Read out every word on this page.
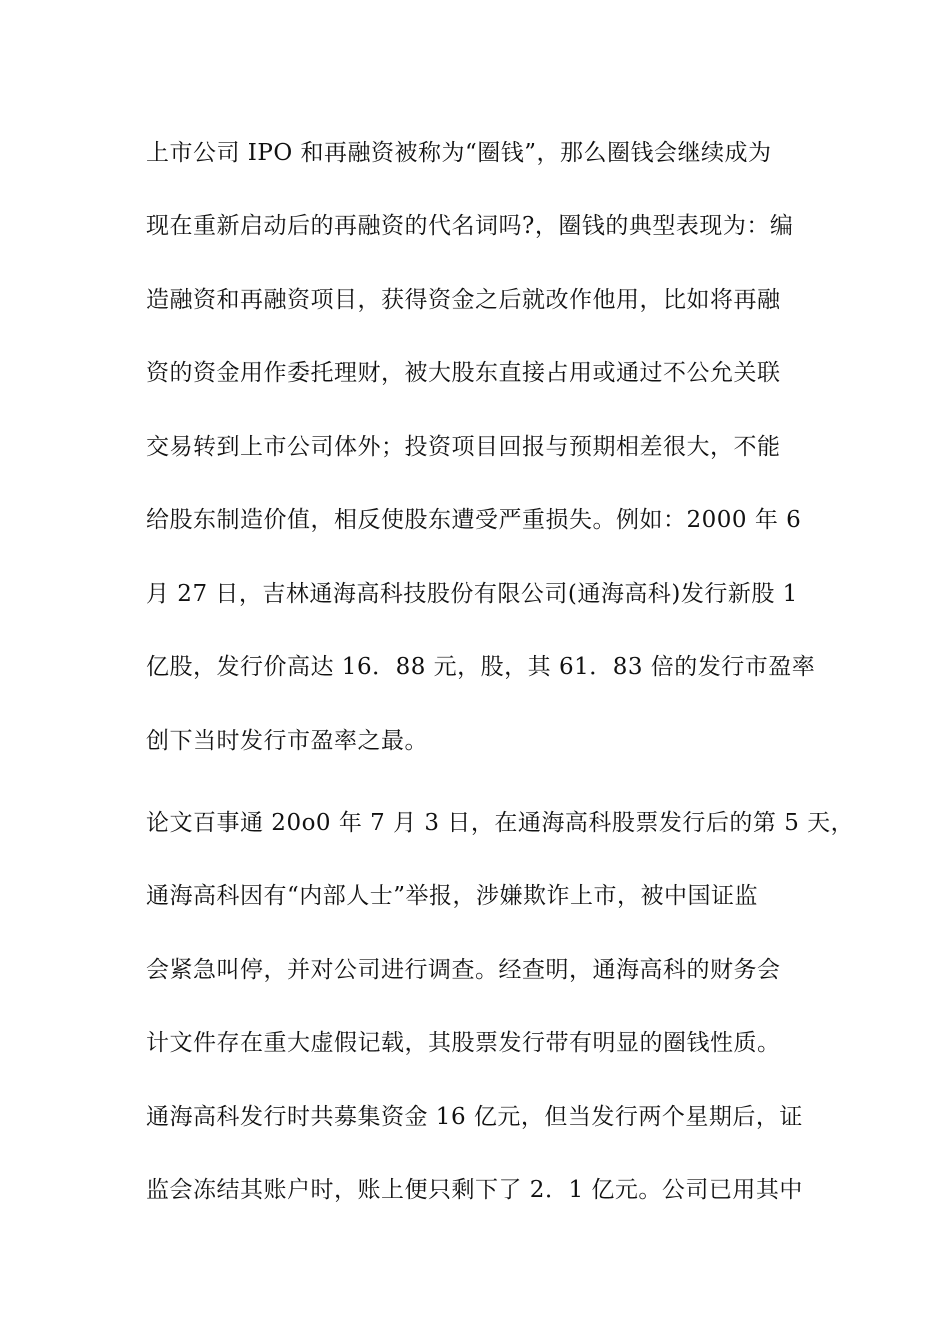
上市公司 IPO 和再融资被称为“圈钱”，那么圈钱会继续成为
现在重新启动后的再融资的代名词吗?，圈钱的典型表现为：编
造融资和再融资项目，获得资金之后就改作他用，比如将再融
资的资金用作委托理财，被大股东直接占用或通过不公允关联
交易转到上市公司体外；投资项目回报与预期相差很大，不能
给股东制造价值，相反使股东遭受严重损失。例如：2000 年 6
月 27 日，吉林通海高科技股份有限公司(通海高科)发行新股 1
亿股，发行价高达 16．88 元，股，其 61．83 倍的发行市盈率
创下当时发行市盈率之最。
论文百事通 20o0 年 7 月 3 日，在通海高科股票发行后的第 5 天，
通海高科因有“内部人士”举报，涉嫌欺诈上市，被中国证监
会紧急叫停，并对公司进行调查。经查明，通海高科的财务会
计文件存在重大虚假记载，其股票发行带有明显的圈钱性质。
通海高科发行时共募集资金 16 亿元，但当发行两个星期后，证
监会冻结其账户时，账上便只剩下了 2．1 亿元。公司已用其中
